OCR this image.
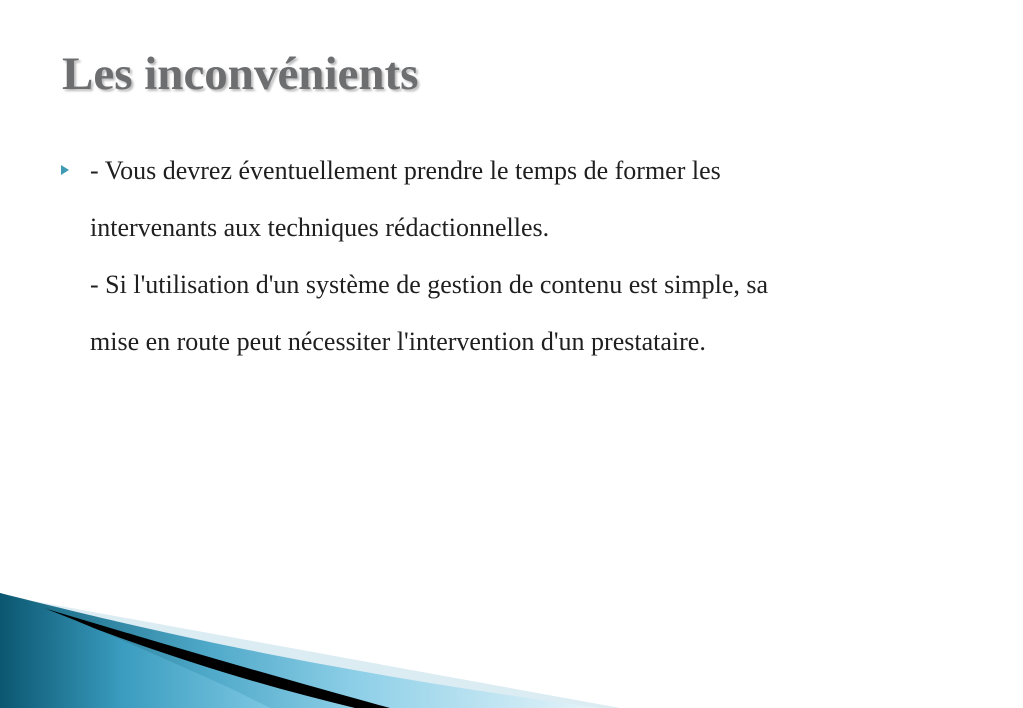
Les inconvénients
- Vous devrez éventuellement prendre le temps de former les
intervenants aux techniques rédactionnelles.
- Si l'utilisation d'un système de gestion de contenu est simple, sa
mise en route peut nécessiter l'intervention d'un prestataire.
